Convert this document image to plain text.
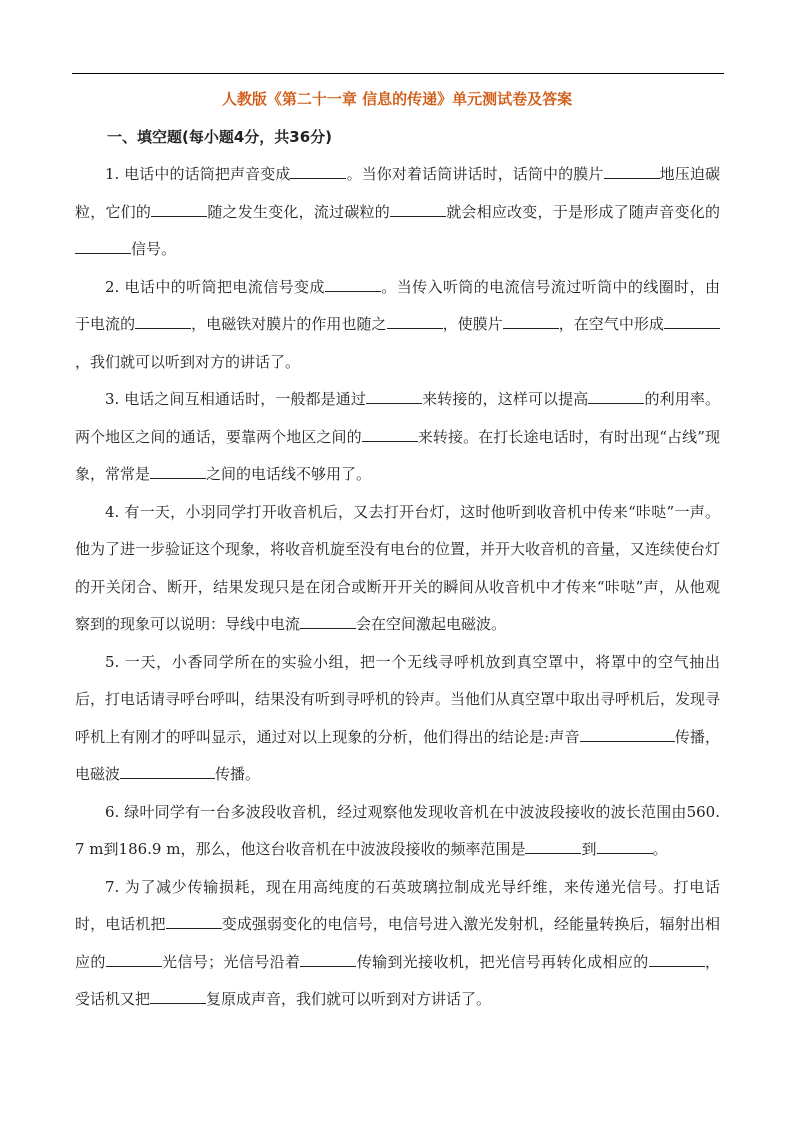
人教版《第二十一章 信息的传递》单元测试卷及答案
一、填空题(每小题4分，共36分)

1. 电话中的话筒把声音变成	。当你对着话筒讲话时，话筒中的膜片	地压迫碳粒，它们的	随之发生变化，流过碳粒的	就会相应改变，于是形成了随声音变化的信号。

2. 电话中的听筒把电流信号变成	。当传入听筒的电流信号流过听筒中的线圈时，由于电流的	，电磁铁对膜片的作用也随之	，使膜片	，在空气中形成，我们就可以听到对方的讲话了。

3. 电话之间互相通话时，一般都是通过	来转接的，这样可以提高	的利用率。两个地区之间的通话，要靠两个地区之间的	来转接。在打长途电话时，有时出现“占线”现象，常常是	之间的电话线不够用了。

4. 有一天，小羽同学打开收音机后，又去打开台灯，这时他听到收音机中传来“咔哒”一声。他为了进一步验证这个现象，将收音机旋至没有电台的位置，并开大收音机的音量，又连续使台灯的开关闭合、断开，结果发现只是在闭合或断开开关的瞬间从收音机中才传来“咔哒”声，从他观察到的现象可以说明：导线中电流	会在空间激起电磁波。

5. 一天，小香同学所在的实验小组，把一个无线寻呼机放到真空罩中，将罩中的空气抽出后，打电话请寻呼台呼叫，结果没有听到寻呼机的铃声。当他们从真空罩中取出寻呼机后，发现寻呼机上有刚才的呼叫显示，通过对以上现象的分析，他们得出的结论是:声音	传播，电磁波	传播。

6. 绿叶同学有一台多波段收音机，经过观察他发现收音机在中波波段接收的波长范围由560.7 m到186.9 m，那么，他这台收音机在中波波段接收的频率范围是	到	。

7. 为了减少传输损耗，现在用高纯度的石英玻璃拉制成光导纤维，来传递光信号。打电话时，电话机把	变成强弱变化的电信号，电信号进入激光发射机，经能量转换后，辐射出相应的	光信号；光信号沿着	传输到光接收机，把光信号再转化成相应的	，受话机又把	复原成声音，我们就可以听到对方讲话了。
